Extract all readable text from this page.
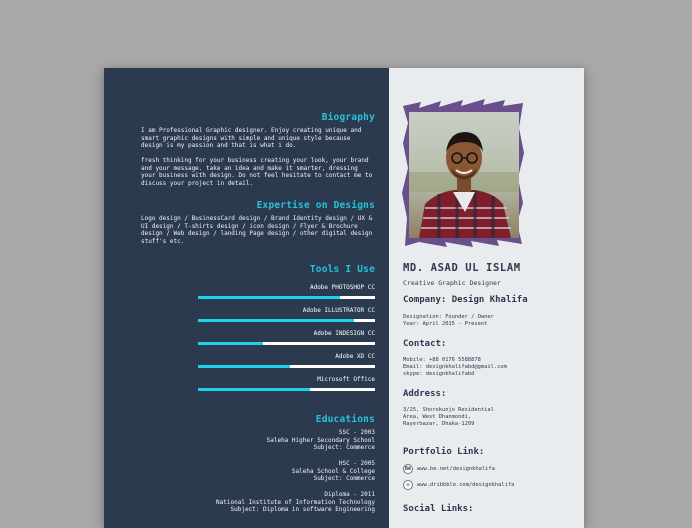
Biography
I am Professional Graphic designer. Enjoy creating unique and smart graphic designs with simple and unique style because design is my passion and that is what i do.
fresh thinking for your business creating your look, your brand and your message. take an idea and make it smarter, dressing your business with design. Do not feel hesitate to contact me to discuss your project in detail.
Expertise on Designs
Logo design / BusinessCard design / Brand Identity design / UX & UI design / T-shirts design / icon design / Flyer & Brochure design / Web design / landing Page design / other digital design stuff's etc.
Tools I Use
Adobe PHOTOSHOP CC
Adobe ILLUSTRATOR CC
Adobe INDESIGN CC
Adobe XD CC
Microsoft Office
Educations
SSC - 2003
Saleha Higher Secondary School
Subject: Commerce
HSC - 2005
Saleha School & College
Subject: Commerce
Diploma - 2011
National Institute of Information Technology
Subject: Diploma in software Engineering
MD. ASAD UL ISLAM
Creative Graphic Designer
Company: Design Khalifa
Designation: Founder / Owner
Year: April 2015 - Present
Contact:
Mobile: +88 0176 5588878
Email: designkhalifabd@gmail.com
skype: designkhalifabd
Address:
3/25, Shorokunjo Residential
Area, West Dhanmondi,
Rayerbazar, Dhaka-1209
Portfolio Link:
Bē	www.be.net/designkhalifa
◎	www.dribbble.com/designkhalifa
Social Links:
